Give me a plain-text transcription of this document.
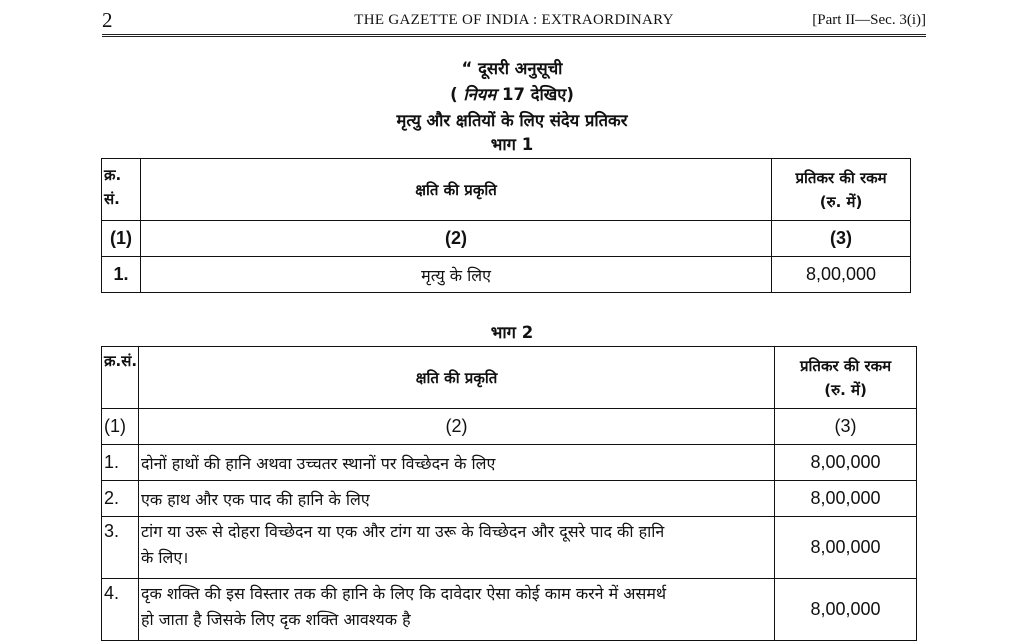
2	THE GAZETTE OF INDIA : EXTRAORDINARY	[Part II—Sec. 3(i)]
“ दूसरी अनुसूची
( नियम 17 देखिए)
मृत्यु और क्षतियों के लिए संदेय प्रतिकर
भाग 1
क्र. सं.	क्षति की प्रकृति	प्रतिकर की रकम
(रु. में)

(1)	(2)	(3)
1.	मृत्यु के लिए	8,00,000
भाग 2
क्र.सं.	क्षति की प्रकृति	प्रतिकर की रकम
(रु. में)

(1)	(2)	(3)
1.	दोनों हाथों की हानि अथवा उच्चतर स्थानों पर विच्छेदन के लिए	8,00,000
2.	एक हाथ और एक पाद की हानि के लिए	8,00,000
3.	टांग या उरू से दोहरा विच्छेदन या एक और टांग या उरू के विच्छेदन और दूसरे पाद की हानि
के लिए।	8,00,000
4.	दृक शक्ति की इस विस्तार तक की हानि के लिए कि दावेदार ऐसा कोई काम करने में असमर्थ
हो जाता है जिसके लिए दृक शक्ति आवश्यक है	8,00,000
